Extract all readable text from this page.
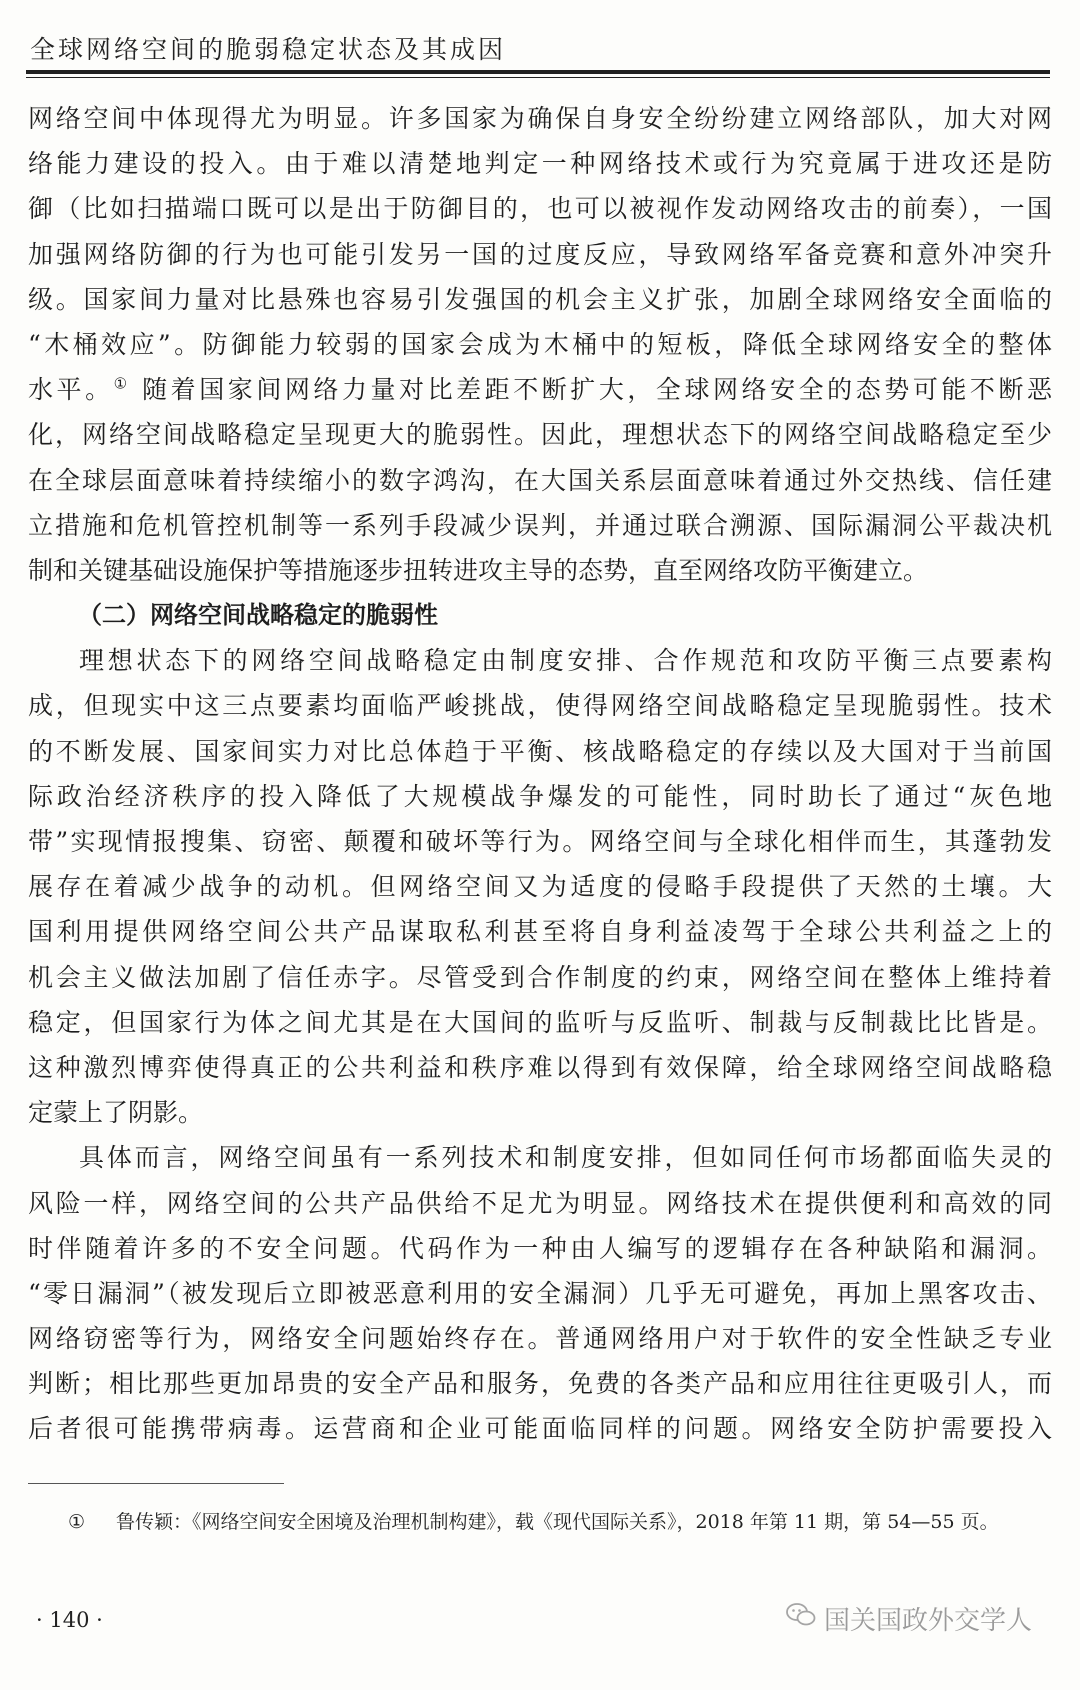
全球网络空间的脆弱稳定状态及其成因
网络空间中体现得尤为明显。许多国家为确保自身安全纷纷建立网络部队，加大对网
络能力建设的投入。由于难以清楚地判定一种网络技术或行为究竟属于进攻还是防
御（比如扫描端口既可以是出于防御目的，也可以被视作发动网络攻击的前奏），一国
加强网络防御的行为也可能引发另一国的过度反应，导致网络军备竞赛和意外冲突升
级。国家间力量对比悬殊也容易引发强国的机会主义扩张，加剧全球网络安全面临的
“木桶效应”。防御能力较弱的国家会成为木桶中的短板，降低全球网络安全的整体
水平。① 随着国家间网络力量对比差距不断扩大，全球网络安全的态势可能不断恶
化，网络空间战略稳定呈现更大的脆弱性。因此，理想状态下的网络空间战略稳定至少
在全球层面意味着持续缩小的数字鸿沟，在大国关系层面意味着通过外交热线、信任建
立措施和危机管控机制等一系列手段减少误判，并通过联合溯源、国际漏洞公平裁决机
制和关键基础设施保护等措施逐步扭转进攻主导的态势，直至网络攻防平衡建立。
（二）网络空间战略稳定的脆弱性
理想状态下的网络空间战略稳定由制度安排、合作规范和攻防平衡三点要素构
成，但现实中这三点要素均面临严峻挑战，使得网络空间战略稳定呈现脆弱性。技术
的不断发展、国家间实力对比总体趋于平衡、核战略稳定的存续以及大国对于当前国
际政治经济秩序的投入降低了大规模战争爆发的可能性，同时助长了通过“灰色地
带”实现情报搜集、窃密、颠覆和破坏等行为。网络空间与全球化相伴而生，其蓬勃发
展存在着减少战争的动机。但网络空间又为适度的侵略手段提供了天然的土壤。大
国利用提供网络空间公共产品谋取私利甚至将自身利益凌驾于全球公共利益之上的
机会主义做法加剧了信任赤字。尽管受到合作制度的约束，网络空间在整体上维持着
稳定，但国家行为体之间尤其是在大国间的监听与反监听、制裁与反制裁比比皆是。
这种激烈博弈使得真正的公共利益和秩序难以得到有效保障，给全球网络空间战略稳
定蒙上了阴影。
具体而言，网络空间虽有一系列技术和制度安排，但如同任何市场都面临失灵的
风险一样，网络空间的公共产品供给不足尤为明显。网络技术在提供便利和高效的同
时伴随着许多的不安全问题。代码作为一种由人编写的逻辑存在各种缺陷和漏洞。
“零日漏洞”（被发现后立即被恶意利用的安全漏洞）几乎无可避免，再加上黑客攻击、
网络窃密等行为，网络安全问题始终存在。普通网络用户对于软件的安全性缺乏专业
判断；相比那些更加昂贵的安全产品和服务，免费的各类产品和应用往往更吸引人，而
后者很可能携带病毒。运营商和企业可能面临同样的问题。网络安全防护需要投入
① 鲁传颖：《网络空间安全困境及治理机制构建》，载《现代国际关系》，2018 年第 11 期，第 54—55 页。
· 140 ·	国关国政外交学人
